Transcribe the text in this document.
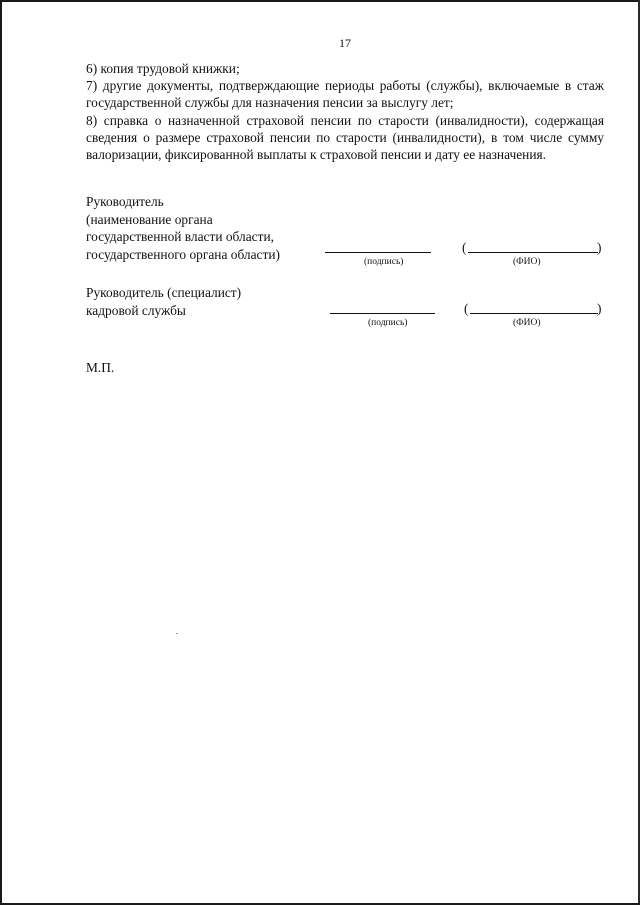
17

6) копия трудовой книжки;

7) другие документы, подтверждающие периоды работы (службы), включаемые в стаж государственной службы для назначения пенсии за выслугу лет;

8) справка о назначенной страховой пенсии по старости (инвалидности), содержащая сведения о размере страховой пенсии по старости (инвалидности), в том числе сумму валоризации, фиксированной выплаты к страховой пенсии и дату ее назначения.

Руководитель
(наименование органа
государственной власти области,
государственного органа области)
(подпись)
(	)
(ФИО)
Руководитель (специалист)
кадровой службы
(подпись)
(	)
(ФИО)
М.П.
